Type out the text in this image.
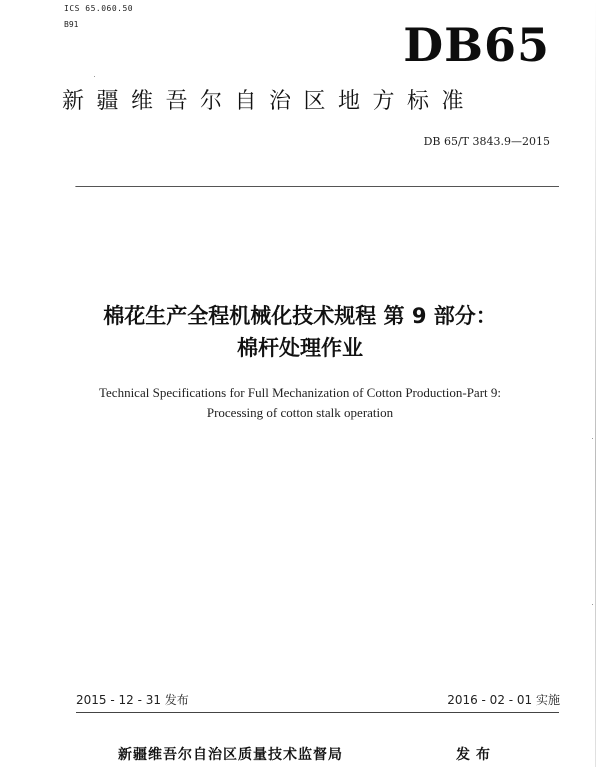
ICS 65.060.50
B91	DB65
新疆维吾尔自治区地方标准
DB 65/T 3843.9—2015
棉花生产全程机械化技术规程 第 9 部分：
棉杆处理作业
Technical Specifications for Full Mechanization of Cotton Production-Part 9:
Processing of cotton stalk operation
2015 - 12 - 31 发布	2016 - 02 - 01 实施
新疆维吾尔自治区质量技术监督局	发布
